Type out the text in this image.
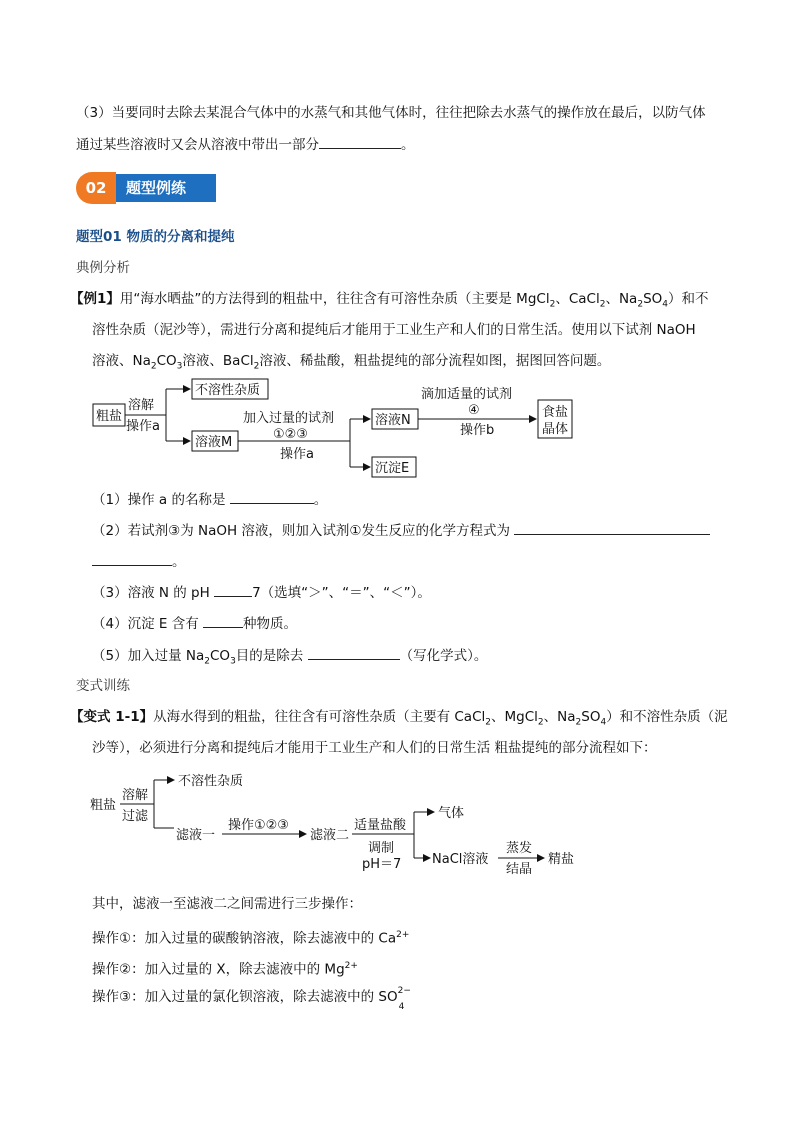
（3）当要同时去除去某混合气体中的水蒸气和其他气体时，往往把除去水蒸气的操作放在最后，以防气体
通过某些溶液时又会从溶液中带出一部分	。
02	题型例练
题型01 物质的分离和提纯
典例分析
【例1】用“海水晒盐”的方法得到的粗盐中，往往含有可溶性杂质（主要是 MgCl$_2$、CaCl$_2$、$Na_2SO_4$）和不
溶性杂质（泥沙等），需进行分离和提纯后才能用于工业生产和人们的日常生活。使用以下试剂 NaOH
溶液、$Na_2CO_3$溶液、BaCl$_2$溶液、稀盐酸，粗盐提纯的部分流程如图，据图回答问题。
粗盐
溶解
操作a
不溶性杂质
溶液M
加入过量的试剂
①②③
操作a
溶液N
沉淀E
滴加适量的试剂
④
操作b
食盐
晶体
（1）操作 a 的名称是	。
（2）若试剂③为 NaOH 溶液，则加入试剂①发生反应的化学方程式为
。
（3）溶液 N 的 pH	7（选填“＞”、“＝”、“＜”）。
（4）沉淀 E 含有	种物质。
（5）加入过量 $Na_2CO_3$目的是除去	（写化学式）。
变式训练
【变式 1-1】从海水得到的粗盐，往往含有可溶性杂质（主要有 CaCl$_2$、MgCl$_2$、$Na_2SO_4$）和不溶性杂质（泥
沙等），必须进行分离和提纯后才能用于工业生产和人们的日常生活 粗盐提纯的部分流程如下：
粗盐
溶解
过滤
不溶性杂质
滤液一
操作①②③
滤液二
适量盐酸
调制
pH＝7
气体
NaCl溶液
蒸发
结晶
精盐
其中，滤液一至滤液二之间需进行三步操作：
操作①：加入过量的碳酸钠溶液，除去滤液中的 $Ca^{2+}$
操作②：加入过量的 X，除去滤液中的 $Mg^{2+}$
操作③：加入过量的氯化钡溶液，除去滤液中的 SO 2−
4
